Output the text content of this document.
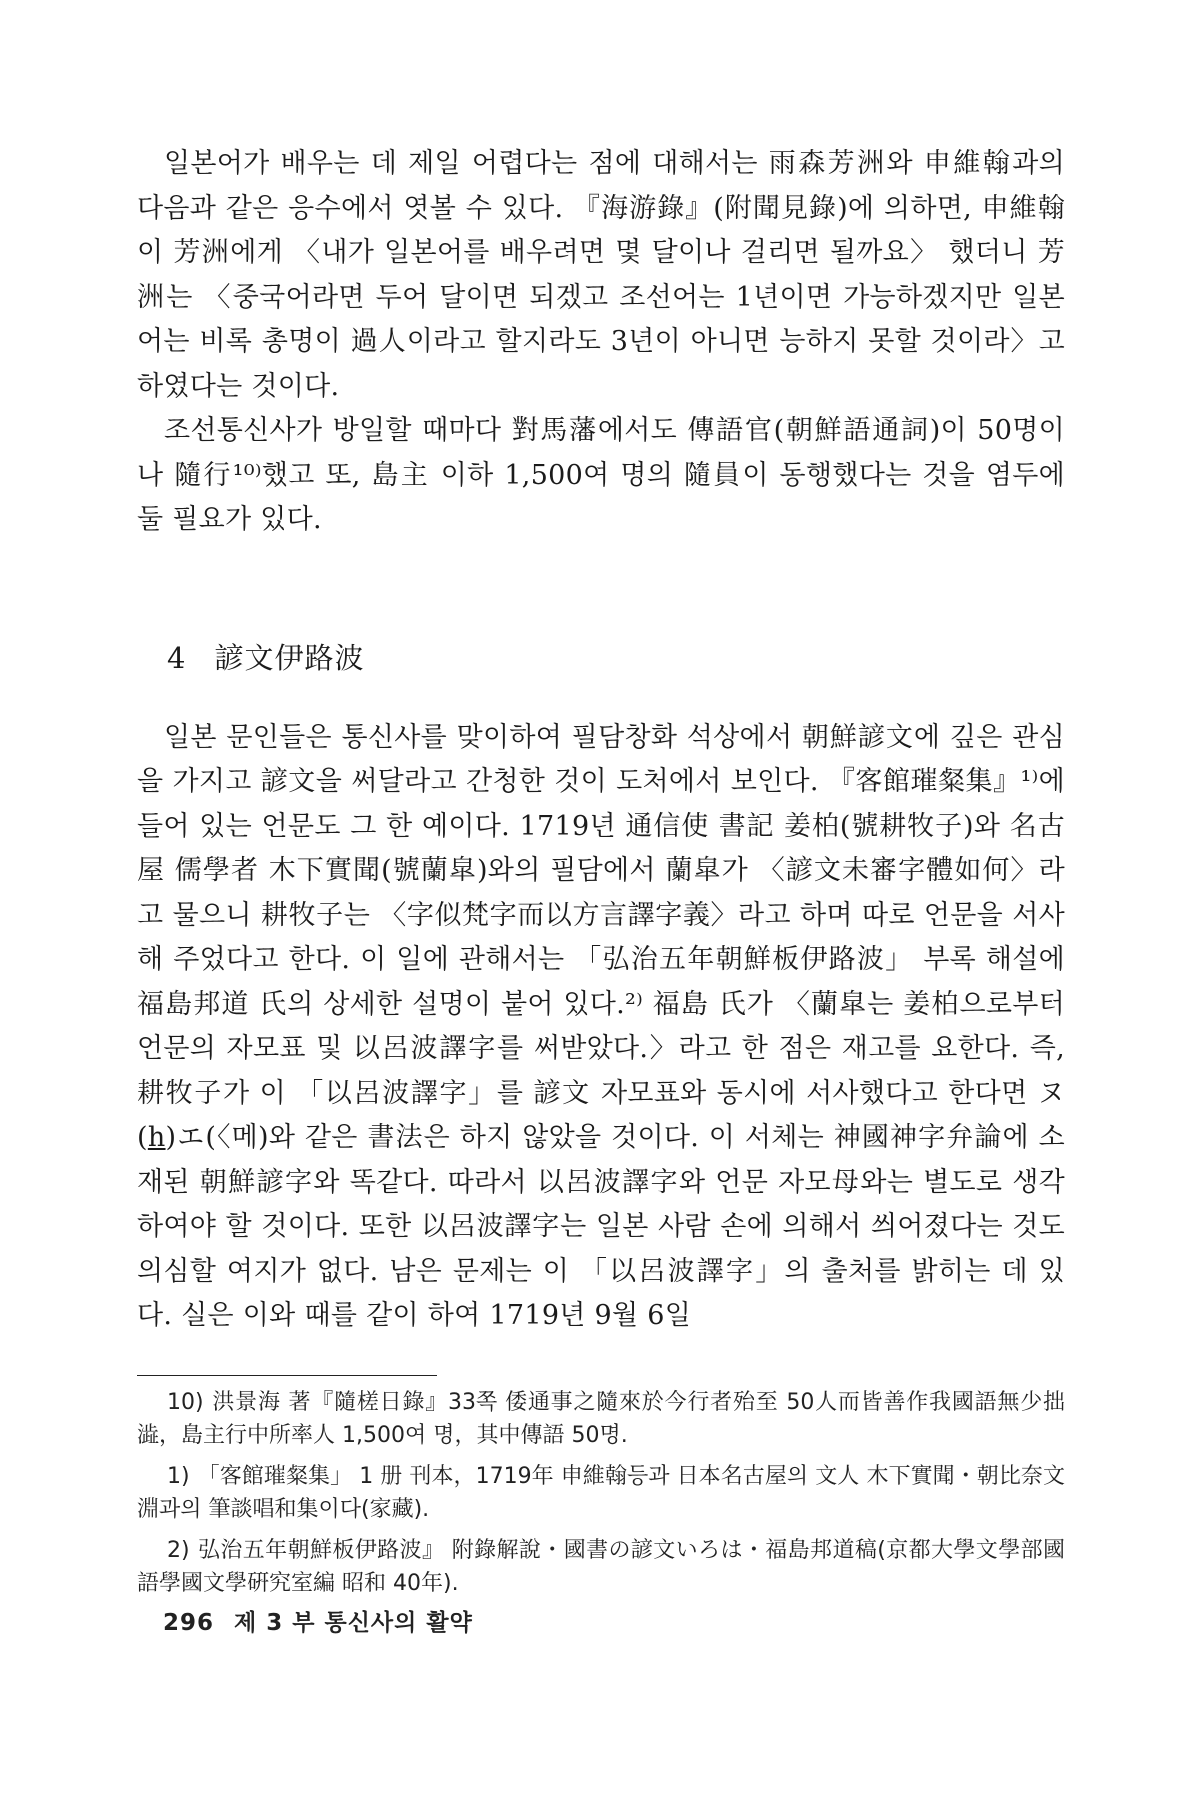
일본어가 배우는 데 제일 어렵다는 점에 대해서는 雨森芳洲와 申維翰과의 다음과 같은 응수에서 엿볼 수 있다. 『海游錄』(附聞見錄)에 의하면, 申維翰이 芳洲에게 〈내가 일본어를 배우려면 몇 달이나 걸리면 될까요〉 했더니 芳洲는 〈중국어라면 두어 달이면 되겠고 조선어는 1년이면 가능하겠지만 일본어는 비록 총명이 過人이라고 할지라도 3년이 아니면 능하지 못할 것이라〉고 하였다는 것이다.

조선통신사가 방일할 때마다 對馬藩에서도 傳語官(朝鮮語通詞)이 50명이나 隨行¹⁰⁾했고 또, 島主 이하 1,500여 명의 隨員이 동행했다는 것을 염두에 둘 필요가 있다.

4 諺文伊路波

일본 문인들은 통신사를 맞이하여 필담창화 석상에서 朝鮮諺文에 깊은 관심을 가지고 諺文을 써달라고 간청한 것이 도처에서 보인다. 『客館璀粲集』¹⁾에 들어 있는 언문도 그 한 예이다. 1719년 通信使 書記 姜柏(號耕牧子)와 名古屋 儒學者 木下實聞(號蘭皐)와의 필담에서 蘭皐가 〈諺文未審字體如何〉라고 물으니 耕牧子는 〈字似梵字而以方言譯字義〉라고 하며 따로 언문을 서사해 주었다고 한다. 이 일에 관해서는 「弘治五年朝鮮板伊路波」 부록 해설에 福島邦道 氏의 상세한 설명이 붙어 있다.²⁾ 福島 氏가 〈蘭皐는 姜柏으로부터 언문의 자모표 및 以呂波譯字를 써받았다.〉라고 한 점은 재고를 요한다. 즉, 耕牧子가 이 「以呂波譯字」를 諺文 자모표와 동시에 서사했다고 한다면 ヌ(h)エ(〈메)와 같은 書法은 하지 않았을 것이다. 이 서체는 神國神字弁論에 소재된 朝鮮諺字와 똑같다. 따라서 以呂波譯字와 언문 자모母와는 별도로 생각하여야 할 것이다. 또한 以呂波譯字는 일본 사람 손에 의해서 씌어졌다는 것도 의심할 여지가 없다. 남은 문제는 이 「以呂波譯字」의 출처를 밝히는 데 있다. 실은 이와 때를 같이 하여 1719년 9월 6일

10) 洪景海 著『隨槎日錄』33쪽 倭通事之隨來於今行者殆至 50人而皆善作我國語無少拙澁，島主行中所率人 1,500여 명，其中傳語 50명.

1) 「客館璀粲集」 1 册 刊本，1719年 申維翰등과 日本名古屋의 文人 木下實聞・朝比奈文淵과의 筆談唱和集이다(家藏).

2) 弘治五年朝鮮板伊路波』 附錄解說・國書の諺文いろは・福島邦道稿(京都大學文學部國語學國文學硏究室編 昭和 40年).

296 제 3 부 통신사의 활약
